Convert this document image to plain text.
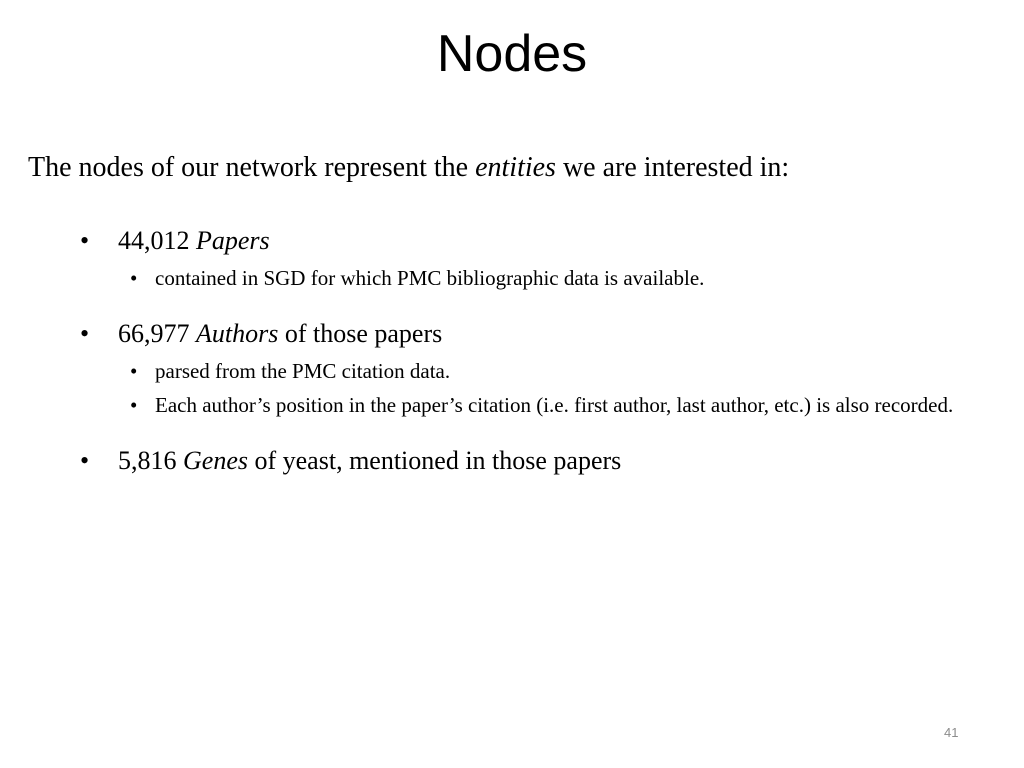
Nodes

The nodes of our network represent the entities we are interested in:

• 44,012 Papers
• contained in SGD for which PMC bibliographic data is available.
• 66,977 Authors of those papers
• parsed from the PMC citation data.
• Each author’s position in the paper’s citation (i.e. first author, last author, etc.) is also recorded.
• 5,816 Genes of yeast, mentioned in those papers
41
